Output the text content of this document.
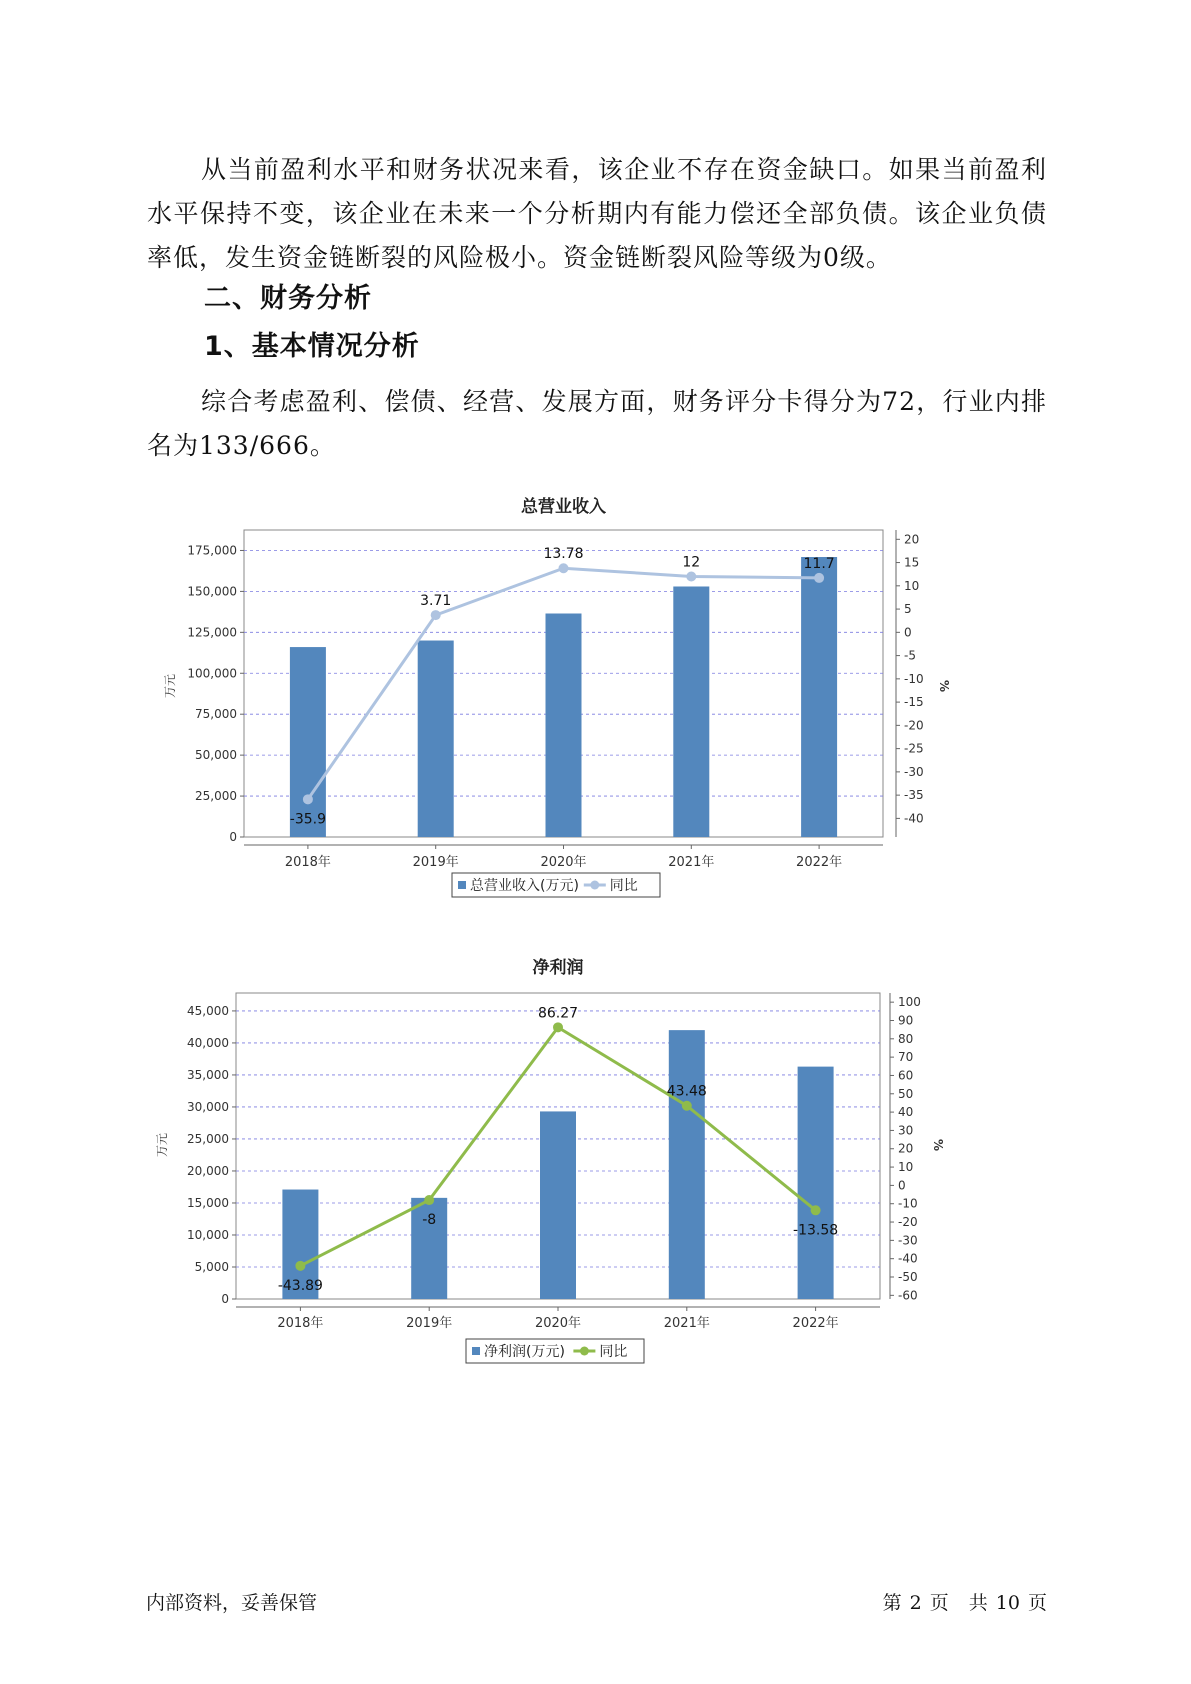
从当前盈利水平和财务状况来看，该企业不存在资金缺口。如果当前盈利水平保持不变，该企业在未来一个分析期内有能力偿还全部负债。该企业负债率低，发生资金链断裂的风险极小。资金链断裂风险等级为0级。

二、财务分析
1、基本情况分析

综合考虑盈利、偿债、经营、发展方面，财务评分卡得分为72，行业内排名为133/666。

总营业收入
0
25,000
50,000
75,000
100,000
125,000
150,000
175,000
-40
-35
-30
-25
-20
-15
-10
-5
0
5
10
15
20
万元	%
2018年	2019年	2020年	2021年	2022年
-35.9
3.71
13.78
12	11.7
总营业收入(万元) 同比
净利润
0
5,000
10,000
15,000
20,000
25,000
30,000
35,000
40,000
45,000
-60
-50
-40
-30
-20
-10
0
10
20
30
40
50
60
70
80
90
100
万元	%
2018年	2019年	2020年	2021年	2022年
-43.89
-8
86.27
43.48
-13.58
净利润(万元) 同比
内部资料，妥善保管	第 2 页 共 10 页
